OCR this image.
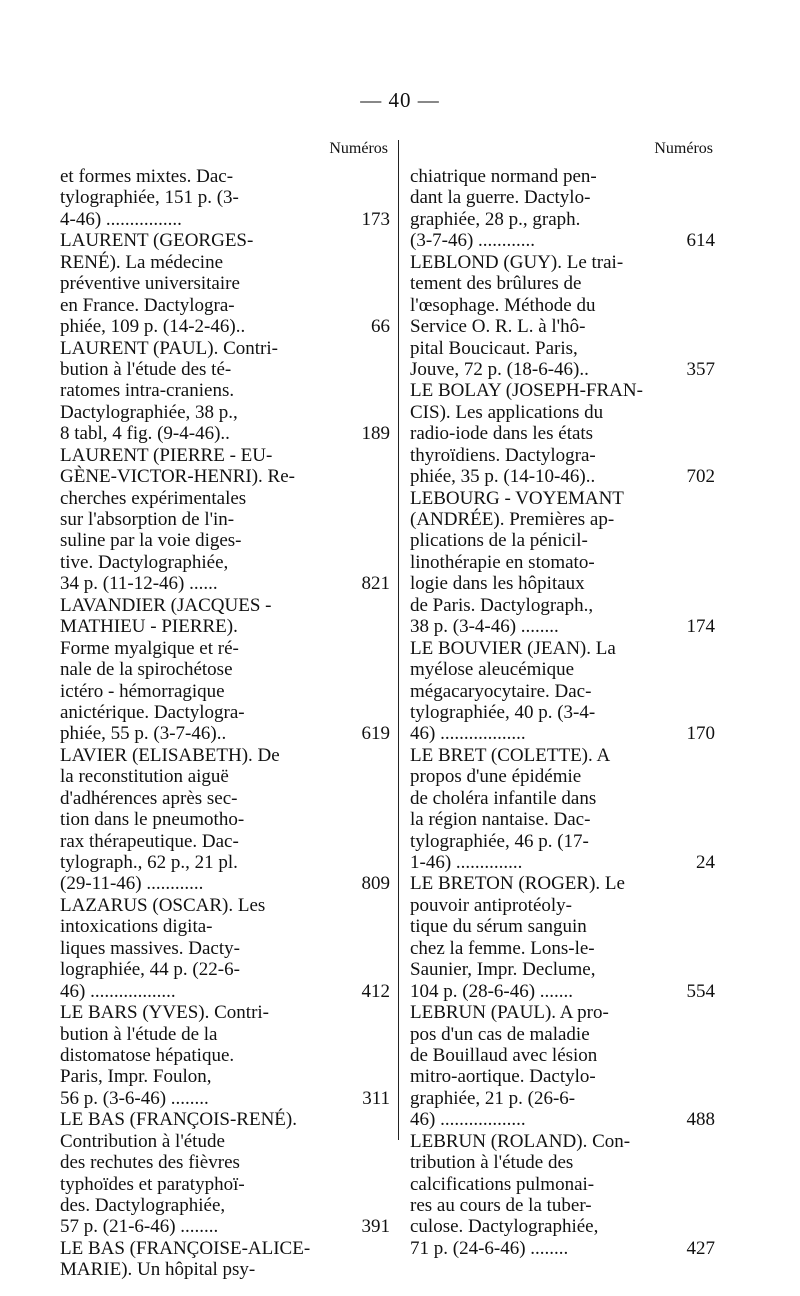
— 40 —
Numéros
et formes mixtes. Dac-
tylographiée, 151 p. (3-
4-46) ................	173
LAURENT (GEORGES-
RENÉ). La médecine
préventive universitaire
en France. Dactylogra-
phiée, 109 p. (14-2-46)..	66
LAURENT (PAUL). Contri-
bution à l'étude des té-
ratomes intra-craniens.
Dactylographiée, 38 p.,
8 tabl, 4 fig. (9-4-46)..	189
LAURENT (PIERRE - EU-
GÈNE-VICTOR-HENRI). Re-
cherches expérimentales
sur l'absorption de l'in-
suline par la voie diges-
tive. Dactylographiée,
34 p. (11-12-46) ......	821
LAVANDIER (JACQUES -
MATHIEU - PIERRE).
Forme myalgique et ré-
nale de la spirochétose
ictéro - hémorragique
anictérique. Dactylogra-
phiée, 55 p. (3-7-46)..	619
LAVIER (ELISABETH). De
la reconstitution aiguë
d'adhérences après sec-
tion dans le pneumotho-
rax thérapeutique. Dac-
tylograph., 62 p., 21 pl.
(29-11-46) ............	809
LAZARUS (OSCAR). Les
intoxications digita-
liques massives. Dacty-
lographiée, 44 p. (22-6-
46) ..................	412
LE BARS (YVES). Contri-
bution à l'étude de la
distomatose hépatique.
Paris, Impr. Foulon,
56 p. (3-6-46) ........	311
LE BAS (FRANÇOIS-RENÉ).
Contribution à l'étude
des rechutes des fièvres
typhoïdes et paratyphoï-
des. Dactylographiée,
57 p. (21-6-46) ........	391
LE BAS (FRANÇOISE-ALICE-
MARIE). Un hôpital psy-
Numéros
chiatrique normand pen-
dant la guerre. Dactylo-
graphiée, 28 p., graph.
(3-7-46) ............	614
LEBLOND (GUY). Le trai-
tement des brûlures de
l'œsophage. Méthode du
Service O. R. L. à l'hô-
pital Boucicaut. Paris,
Jouve, 72 p. (18-6-46)..	357
LE BOLAY (JOSEPH-FRAN-
CIS). Les applications du
radio-iode dans les états
thyroïdiens. Dactylogra-
phiée, 35 p. (14-10-46)..	702
LEBOURG - VOYEMANT
(ANDRÉE). Premières ap-
plications de la pénicil-
linothérapie en stomato-
logie dans les hôpitaux
de Paris. Dactylograph.,
38 p. (3-4-46) ........	174
LE BOUVIER (JEAN). La
myélose aleucémique
mégacaryocytaire. Dac-
tylographiée, 40 p. (3-4-
46) ..................	170
LE BRET (COLETTE). A
propos d'une épidémie
de choléra infantile dans
la région nantaise. Dac-
tylographiée, 46 p. (17-
1-46) ..............	24
LE BRETON (ROGER). Le
pouvoir antiprotéoly-
tique du sérum sanguin
chez la femme. Lons-le-
Saunier, Impr. Declume,
104 p. (28-6-46) .......	554
LEBRUN (PAUL). A pro-
pos d'un cas de maladie
de Bouillaud avec lésion
mitro-aortique. Dactylo-
graphiée, 21 p. (26-6-
46) ..................	488
LEBRUN (ROLAND). Con-
tribution à l'étude des
calcifications pulmonai-
res au cours de la tuber-
culose. Dactylographiée,
71 p. (24-6-46) ........	427
